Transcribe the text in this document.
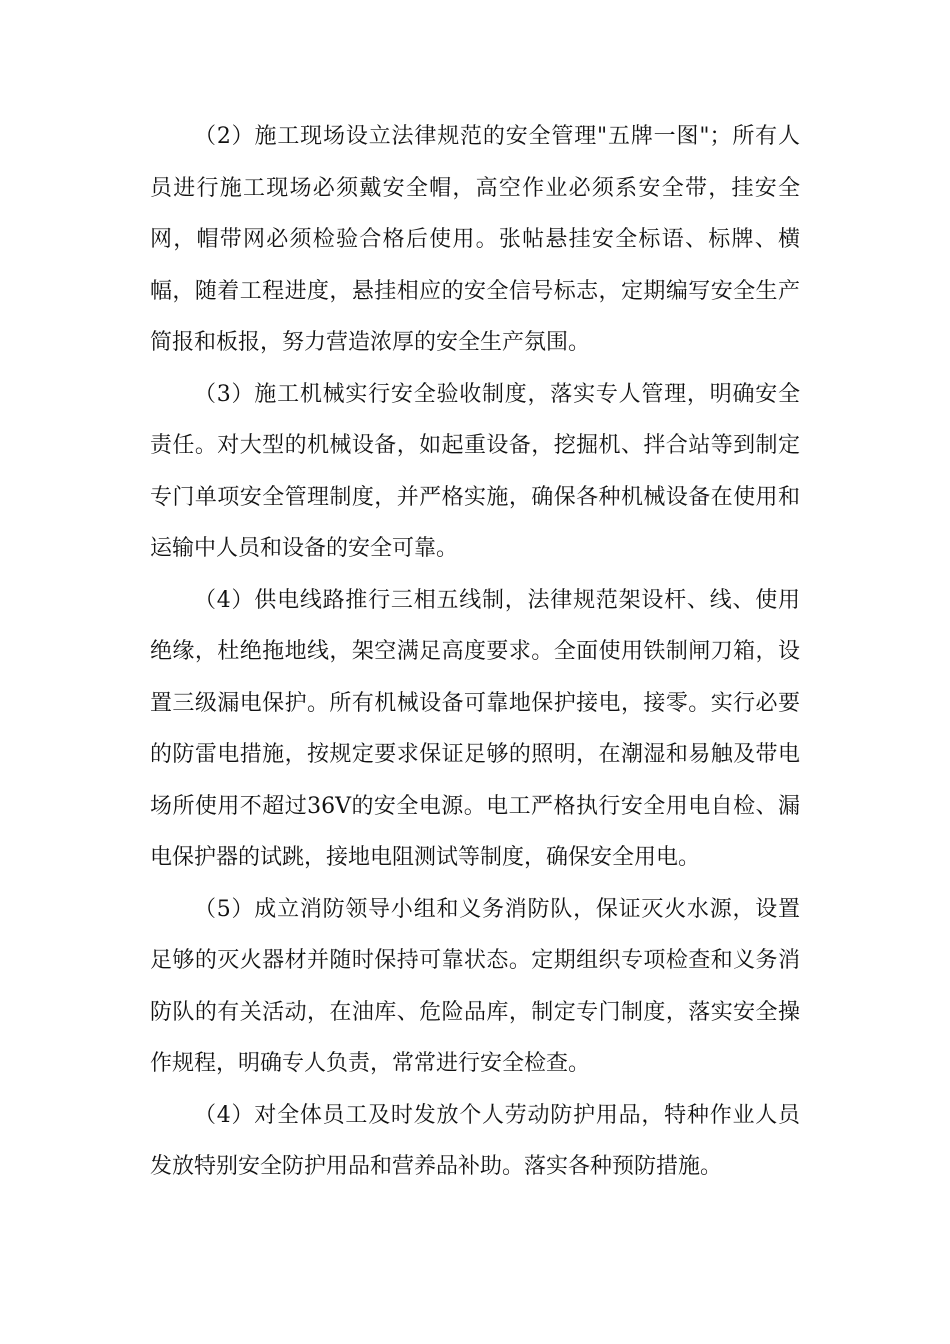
（2）施工现场设立法律规范的安全管理"五牌一图"；所有人员进行施工现场必须戴安全帽，高空作业必须系安全带，挂安全网，帽带网必须检验合格后使用。张帖悬挂安全标语、标牌、横幅，随着工程进度，悬挂相应的安全信号标志，定期编写安全生产简报和板报，努力营造浓厚的安全生产氛围。

（3）施工机械实行安全验收制度，落实专人管理，明确安全责任。对大型的机械设备，如起重设备，挖掘机、拌合站等到制定专门单项安全管理制度，并严格实施，确保各种机械设备在使用和运输中人员和设备的安全可靠。

（4）供电线路推行三相五线制，法律规范架设杆、线、使用绝缘，杜绝拖地线，架空满足高度要求。全面使用铁制闸刀箱，设置三级漏电保护。所有机械设备可靠地保护接电，接零。实行必要的防雷电措施，按规定要求保证足够的照明，在潮湿和易触及带电场所使用不超过36V的安全电源。电工严格执行安全用电自检、漏电保护器的试跳，接地电阻测试等制度，确保安全用电。

（5）成立消防领导小组和义务消防队，保证灭火水源，设置足够的灭火器材并随时保持可靠状态。定期组织专项检查和义务消防队的有关活动，在油库、危险品库，制定专门制度，落实安全操作规程，明确专人负责，常常进行安全检查。

（4）对全体员工及时发放个人劳动防护用品，特种作业人员发放特别安全防护用品和营养品补助。落实各种预防措施。
